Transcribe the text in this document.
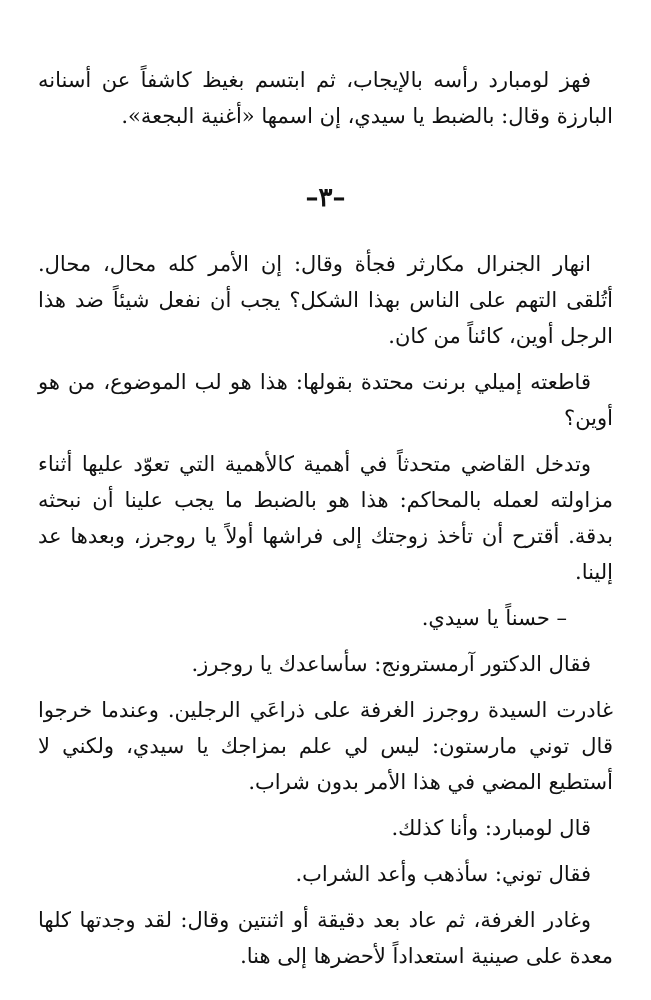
فهز لومبارد رأسه بالإيجاب، ثم ابتسم بغيظ كاشفاً عن أسنانه البارزة وقال: بالضبط يا سيدي، إن اسمها «أغنية البجعة».

–٣–

انهار الجنرال مكارثر فجأة وقال: إن الأمر كله محال، محال. أتُلقى التهم على الناس بهذا الشكل؟ يجب أن نفعل شيئاً ضد هذا الرجل أوين، كائناً من كان.

قاطعته إميلي برنت محتدة بقولها: هذا هو لب الموضوع، من هو أوين؟

وتدخل القاضي متحدثاً في أهمية كالأهمية التي تعوّد عليها أثناء مزاولته لعمله بالمحاكم: هذا هو بالضبط ما يجب علينا أن نبحثه بدقة. أقترح أن تأخذ زوجتك إلى فراشها أولاً يا روجرز، وبعدها عد إلينا.

– حسناً يا سيدي.

فقال الدكتور آرمسترونج: سأساعدك يا روجرز.

غادرت السيدة روجرز الغرفة على ذراعَي الرجلين. وعندما خرجوا قال توني مارستون: ليس لي علم بمزاجك يا سيدي، ولكني لا أستطيع المضي في هذا الأمر بدون شراب.

قال لومبارد: وأنا كذلك.

فقال توني: سأذهب وأعد الشراب.

وغادر الغرفة، ثم عاد بعد دقيقة أو اثنتين وقال: لقد وجدتها كلها معدة على صينية استعداداً لأحضرها إلى هنا.
